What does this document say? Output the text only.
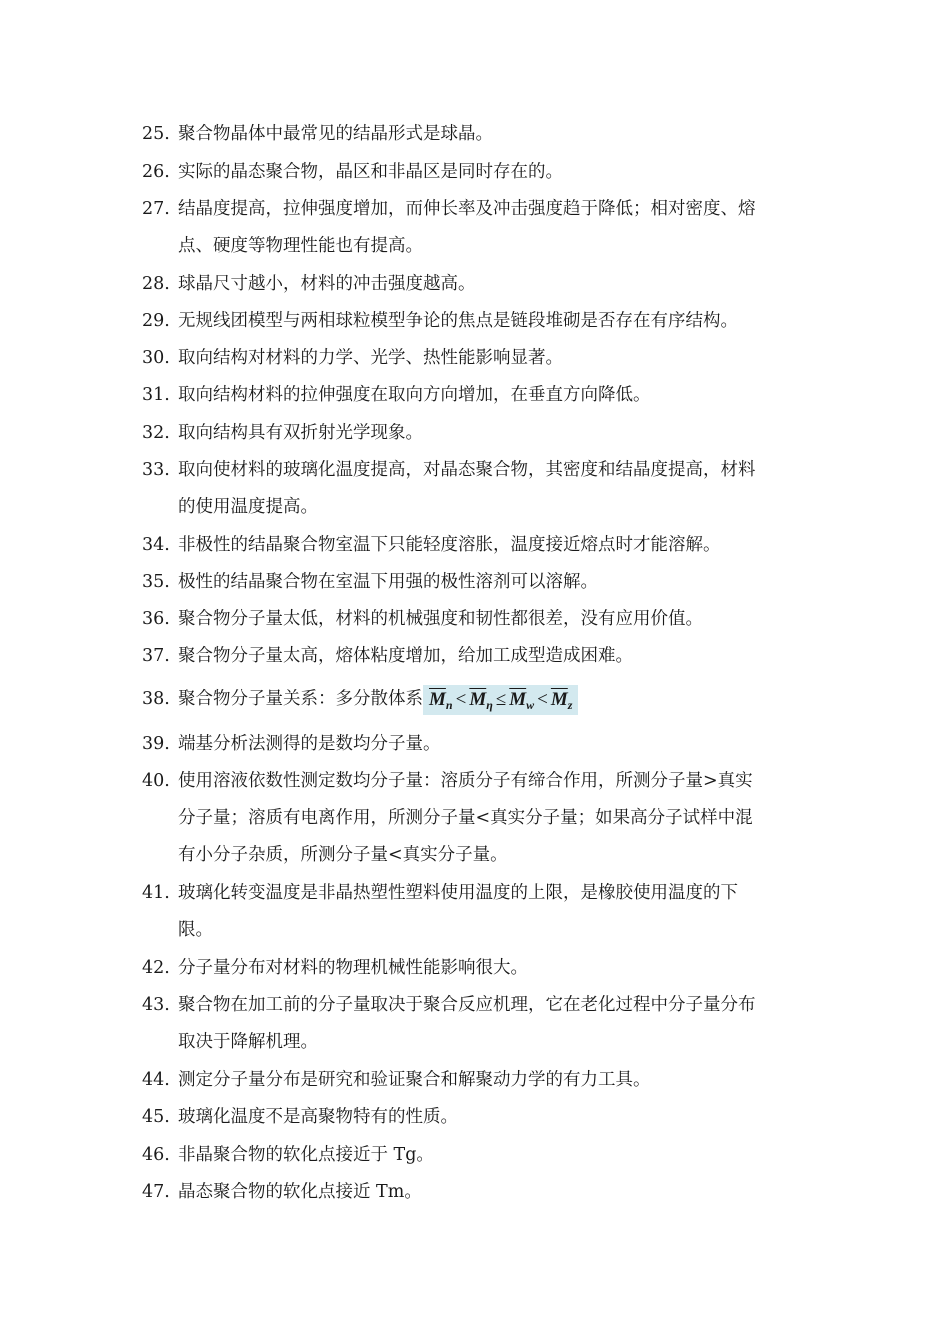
25. 聚合物晶体中最常见的结晶形式是球晶。
26. 实际的晶态聚合物，晶区和非晶区是同时存在的。
27. 结晶度提高，拉伸强度增加，而伸长率及冲击强度趋于降低；相对密度、熔
点、硬度等物理性能也有提高。
28. 球晶尺寸越小，材料的冲击强度越高。
29. 无规线团模型与两相球粒模型争论的焦点是链段堆砌是否存在有序结构。
30. 取向结构对材料的力学、光学、热性能影响显著。
31. 取向结构材料的拉伸强度在取向方向增加，在垂直方向降低。
32. 取向结构具有双折射光学现象。
33. 取向使材料的玻璃化温度提高，对晶态聚合物，其密度和结晶度提高，材料
的使用温度提高。
34. 非极性的结晶聚合物室温下只能轻度溶胀，温度接近熔点时才能溶解。
35. 极性的结晶聚合物在室温下用强的极性溶剂可以溶解。
36. 聚合物分子量太低，材料的机械强度和韧性都很差，没有应用价值。
37. 聚合物分子量太高，熔体粘度增加，给加工成型造成困难。
38. 聚合物分子量关系：多分散体系 $\overline{M}_n < \overline{M}_\eta \le \overline{M}_w < \overline{M}_z$
39. 端基分析法测得的是数均分子量。
40. 使用溶液依数性测定数均分子量：溶质分子有缔合作用，所测分子量>真实
分子量；溶质有电离作用，所测分子量<真实分子量；如果高分子试样中混
有小分子杂质，所测分子量<真实分子量。
41. 玻璃化转变温度是非晶热塑性塑料使用温度的上限，是橡胶使用温度的下
限。
42. 分子量分布对材料的物理机械性能影响很大。
43. 聚合物在加工前的分子量取决于聚合反应机理，它在老化过程中分子量分布
取决于降解机理。
44. 测定分子量分布是研究和验证聚合和解聚动力学的有力工具。
45. 玻璃化温度不是高聚物特有的性质。
46. 非晶聚合物的软化点接近于 Tg。
47. 晶态聚合物的软化点接近 Tm。
